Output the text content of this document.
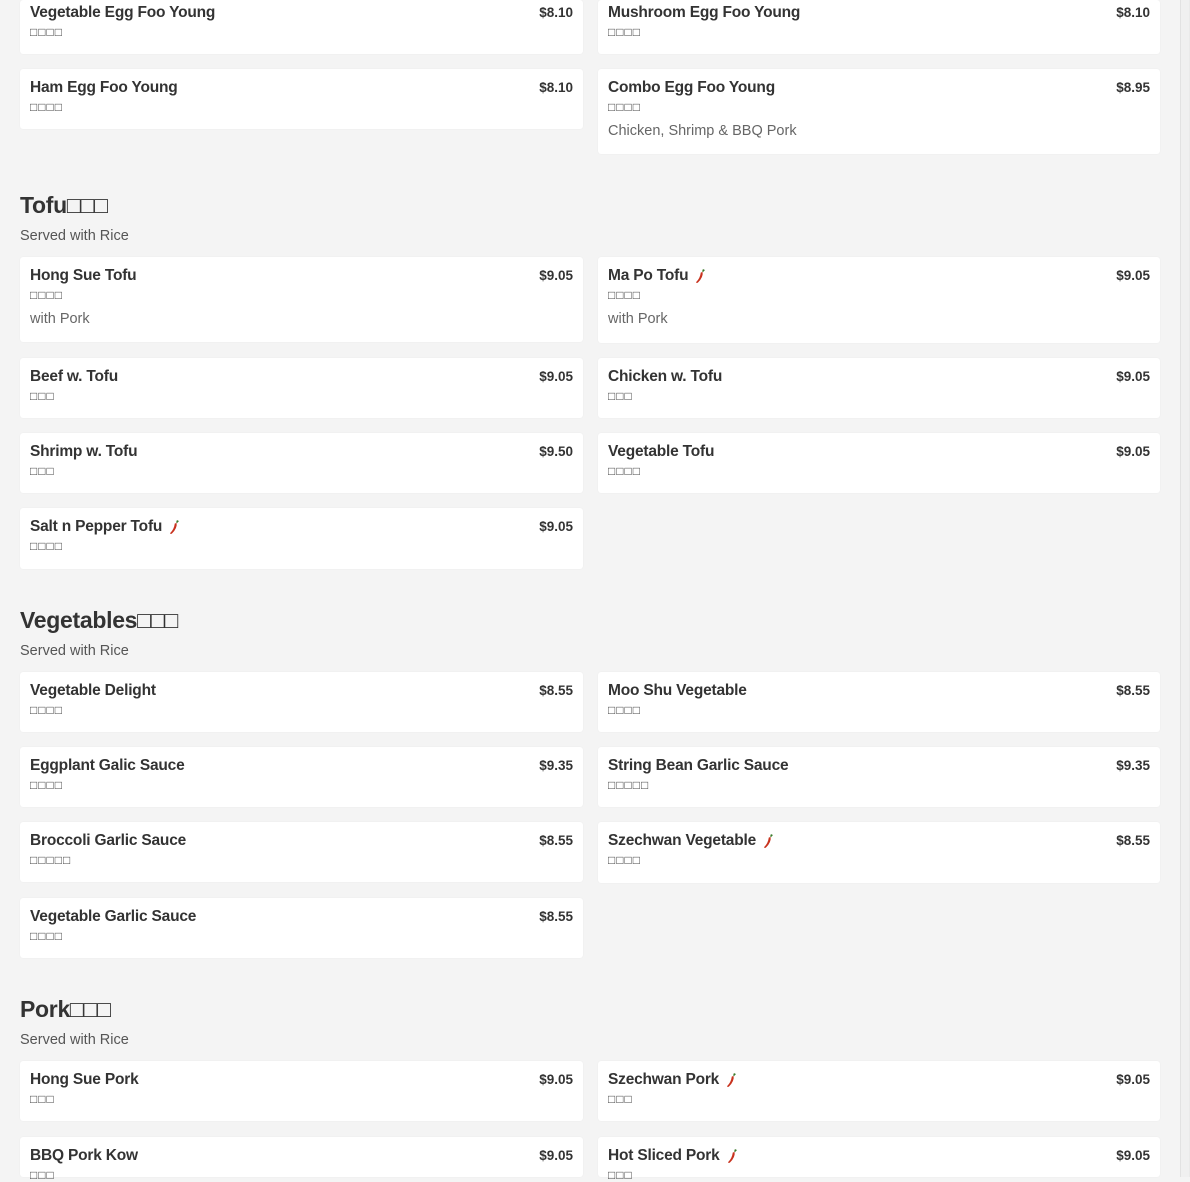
Vegetable Egg Foo Young	$8.10
□□□□
Mushroom Egg Foo Young	$8.10
□□□□
Ham Egg Foo Young	$8.10
□□□□
Combo Egg Foo Young	$8.95
□□□□
Chicken, Shrimp & BBQ Pork
Tofu□□□
Served with Rice
Hong Sue Tofu	$9.05
□□□□
with Pork
Ma Po Tofu	$9.05
□□□□
with Pork
Beef w. Tofu	$9.05
□□□
Chicken w. Tofu	$9.05
□□□
Shrimp w. Tofu	$9.50
□□□
Vegetable Tofu	$9.05
□□□□
Salt n Pepper Tofu	$9.05
□□□□
Vegetables□□□
Served with Rice
Vegetable Delight	$8.55
□□□□
Moo Shu Vegetable	$8.55
□□□□
Eggplant Galic Sauce	$9.35
□□□□
String Bean Garlic Sauce	$9.35
□□□□□
Broccoli Garlic Sauce	$8.55
□□□□□
Szechwan Vegetable	$8.55
□□□□
Vegetable Garlic Sauce	$8.55
□□□□
Pork□□□
Served with Rice
Hong Sue Pork	$9.05
□□□
Szechwan Pork	$9.05
□□□
BBQ Pork Kow	$9.05
□□□
Hot Sliced Pork	$9.05
□□□
